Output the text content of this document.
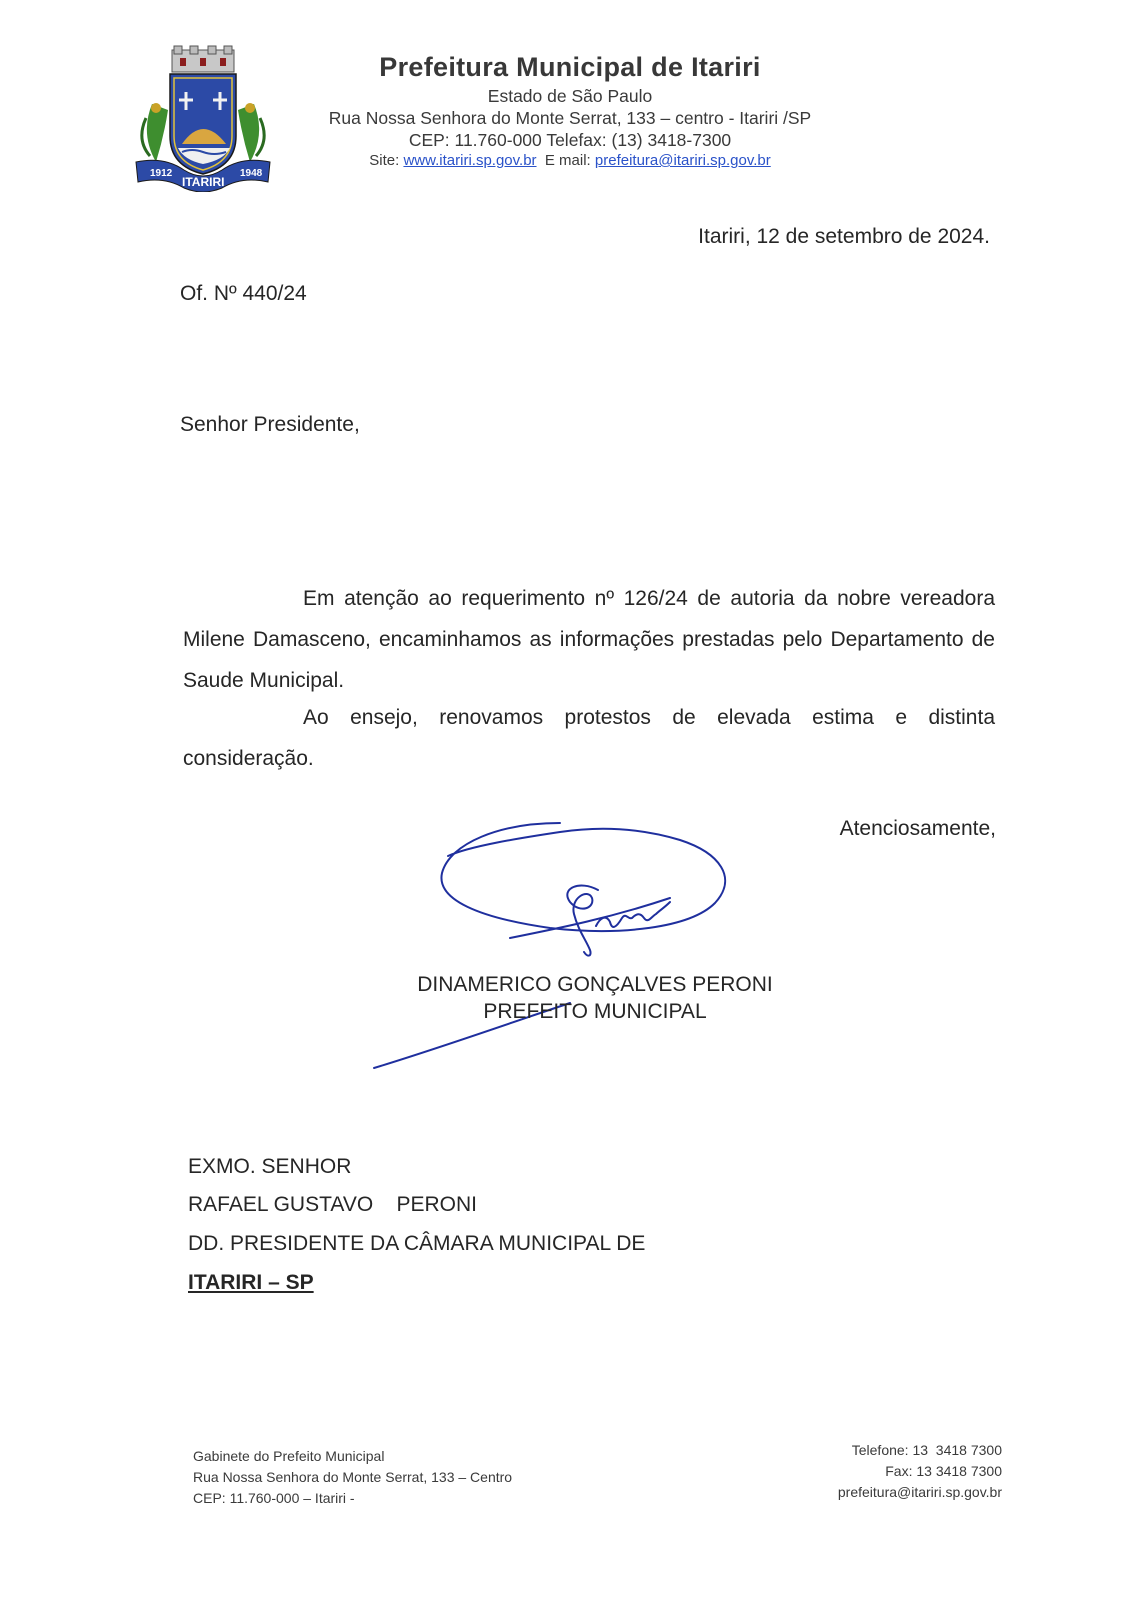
1912	1948
ITARIRI
Prefeitura Municipal de Itariri
Estado de São Paulo
Rua Nossa Senhora do Monte Serrat, 133 – centro - Itariri /SP
CEP: 11.760-000 Telefax: (13) 3418-7300
Site: www.itariri.sp.gov.br E mail: prefeitura@itariri.sp.gov.br
Itariri, 12 de setembro de 2024.
Of. Nº 440/24
Senhor Presidente,
Em atenção ao requerimento nº 126/24 de autoria da nobre vereadora Milene Damasceno, encaminhamos as informações prestadas pelo Departamento de Saude Municipal.
Ao ensejo, renovamos protestos de elevada estima e distinta consideração.
Atenciosamente,
DINAMERICO GONÇALVES PERONI
PREFEITO MUNICIPAL
EXMO. SENHOR
RAFAEL GUSTAVO    PERONI
DD. PRESIDENTE DA CÂMARA MUNICIPAL DE
ITARIRI – SP
Gabinete do Prefeito Municipal
Rua Nossa Senhora do Monte Serrat, 133 – Centro
CEP: 11.760-000 – Itariri -
Telefone: 13  3418 7300
Fax: 13 3418 7300
prefeitura@itariri.sp.gov.br
